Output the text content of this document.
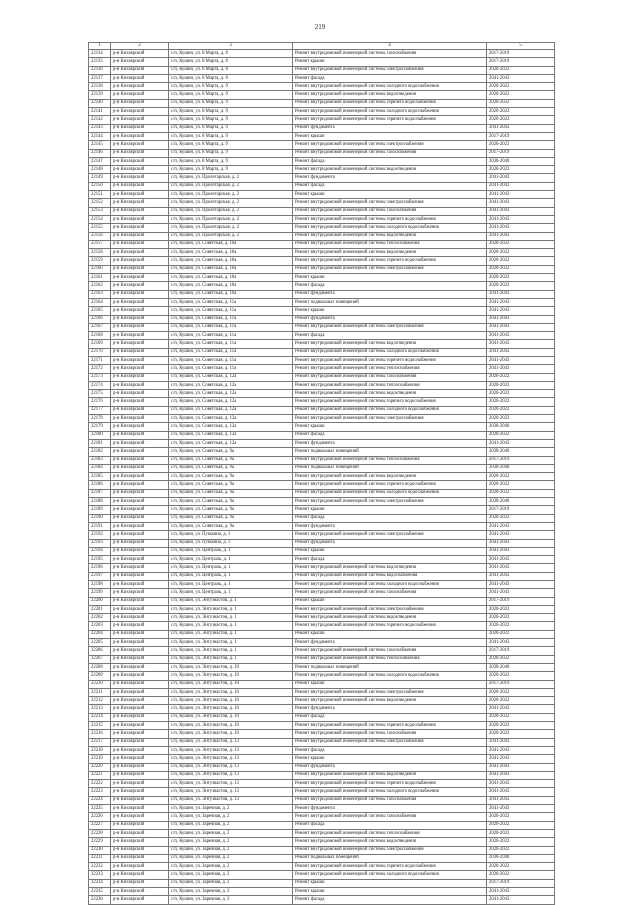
219
1	2	3	4	5
22134	р-н Кизлярский	с/п, Кушин, ул. 8 Марта, д. 8	Ремонт внутридомовой инженерной системы газоснабжения	2017-2019
22135	р-н Кизлярский	с/п, Кушин, ул. 8 Марта, д. 8	Ремонт крыши	2017-2019
22136	р-н Кизлярский	с/п, Кушин, ул. 8 Марта, д. 8	Ремонт внутридомовой инженерной системы электроснабжения	2020-2022
22137	р-н Кизлярский	с/п, Кушин, ул. 8 Марта, д. 8	Ремонт фасада	2041-2043
22138	р-н Кизлярский	с/п, Кушин, ул. 8 Марта, д. 9	Ремонт внутридомовой инженерной системы холодного водоснабжения	2020-2022
22139	р-н Кизлярский	с/п, Кушин, ул. 8 Марта, д. 9	Ремонт внутридомовой инженерной системы водоотведения	2020-2022
22140	р-н Кизлярский	с/п, Кушин, ул. 8 Марта, д. 9	Ремонт внутридомовой инженерной системы горячего водоснабжения	2020-2022
22141	р-н Кизлярский	с/п, Кушин, ул. 8 Марта, д. 9	Ремонт внутридомовой инженерной системы холодного водоснабжения	2020-2022
22142	р-н Кизлярский	с/п, Кушин, ул. 8 Марта, д. 9	Ремонт внутридомовой инженерной системы горячего водоснабжения	2020-2022
22143	р-н Кизлярский	с/п, Кушин, ул. 8 Марта, д. 9	Ремонт фундамента	2041-2043
22144	р-н Кизлярский	с/п, Кушин, ул. 8 Марта, д. 9	Ремонт крыши	2017-2019
22145	р-н Кизлярский	с/п, Кушин, ул. 8 Марта, д. 9	Ремонт внутридомовой инженерной системы электроснабжения	2020-2022
22146	р-н Кизлярский	с/п, Кушин, ул. 8 Марта, д. 9	Ремонт внутридомовой инженерной системы газоснабжения	2017-2019
22147	р-н Кизлярский	с/п, Кушин, ул. 8 Марта, д. 9	Ремонт фасада	2038-2040
22148	р-н Кизлярский	с/п, Кушин, ул. 8 Марта, д. 9	Ремонт внутридомовой инженерной системы водоотведения	2020-2022
22149	р-н Кизлярский	с/п, Кушин, ул. Пролетарская, д. 2	Ремонт фундамента	2041-2043
22150	р-н Кизлярский	с/п, Кушин, ул. Пролетарская, д. 2	Ремонт фасада	2041-2043
22151	р-н Кизлярский	с/п, Кушин, ул. Пролетарская, д. 2	Ремонт крыши	2041-2043
22152	р-н Кизлярский	с/п, Кушин, ул. Пролетарская, д. 2	Ремонт внутридомовой инженерной системы электроснабжения	2041-2043
22153	р-н Кизлярский	с/п, Кушин, ул. Пролетарская, д. 2	Ремонт внутридомовой инженерной системы газоснабжения	2041-2043
22154	р-н Кизлярский	с/п, Кушин, ул. Пролетарская, д. 2	Ремонт внутридомовой инженерной системы горячего водоснабжения	2041-2043
22155	р-н Кизлярский	с/п, Кушин, ул. Пролетарская, д. 2	Ремонт внутридомовой инженерной системы холодного водоснабжения	2041-2043
22156	р-н Кизлярский	с/п, Кушин, ул. Пролетарская, д. 2	Ремонт внутридомовой инженерной системы водоотведения	2041-2043
22157	р-н Кизлярский	с/п, Кушин, ул. Советская, д. 10а	Ремонт внутридомовой инженерной системы теплоснабжения	2020-2022
22158	р-н Кизлярский	с/п, Кушин, ул. Советская, д. 10а	Ремонт внутридомовой инженерной системы водоотведения	2020-2022
22159	р-н Кизлярский	с/п, Кушин, ул. Советская, д. 10а	Ремонт внутридомовой инженерной системы горячего водоснабжения	2020-2022
22160	р-н Кизлярский	с/п, Кушин, ул. Советская, д. 10а	Ремонт внутридомовой инженерной системы электроснабжения	2020-2022
22161	р-н Кизлярский	с/п, Кушин, ул. Советская, д. 10а	Ремонт крыши	2020-2022
22162	р-н Кизлярский	с/п, Кушин, ул. Советская, д. 10а	Ремонт фасада	2020-2022
22163	р-н Кизлярский	с/п, Кушин, ул. Советская, д. 10а	Ремонт фундамента	2041-2043
22164	р-н Кизлярский	с/п, Кушин, ул. Советская, д. 11а	Ремонт подвальных помещений	2041-2043
22165	р-н Кизлярский	с/п, Кушин, ул. Советская, д. 11а	Ремонт крыши	2041-2043
22166	р-н Кизлярский	с/п, Кушин, ул. Советская, д. 11а	Ремонт фундамента	2041-2043
22167	р-н Кизлярский	с/п, Кушин, ул. Советская, д. 11а	Ремонт внутридомовой инженерной системы электроснабжения	2041-2043
22168	р-н Кизлярский	с/п, Кушин, ул. Советская, д. 11а	Ремонт фасада	2041-2043
22169	р-н Кизлярский	с/п, Кушин, ул. Советская, д. 11а	Ремонт внутридомовой инженерной системы водоотведения	2041-2043
22170	р-н Кизлярский	с/п, Кушин, ул. Советская, д. 11а	Ремонт внутридомовой инженерной системы холодного водоснабжения	2041-2043
22171	р-н Кизлярский	с/п, Кушин, ул. Советская, д. 11а	Ремонт внутридомовой инженерной системы горячего водоснабжения	2041-2043
22172	р-н Кизлярский	с/п, Кушин, ул. Советская, д. 11а	Ремонт внутридомовой инженерной системы теплоснабжения	2041-2043
22173	р-н Кизлярский	с/п, Кушин, ул. Советская, д. 12а	Ремонт внутридомовой инженерной системы газоснабжения	2020-2022
22174	р-н Кизлярский	с/п, Кушин, ул. Советская, д. 12а	Ремонт внутридомовой инженерной системы теплоснабжения	2020-2022
22175	р-н Кизлярский	с/п, Кушин, ул. Советская, д. 12а	Ремонт внутридомовой инженерной системы водоотведения	2020-2022
22176	р-н Кизлярский	с/п, Кушин, ул. Советская, д. 12а	Ремонт внутридомовой инженерной системы горячего водоснабжения	2020-2022
22177	р-н Кизлярский	с/п, Кушин, ул. Советская, д. 12а	Ремонт внутридомовой инженерной системы холодного водоснабжения	2020-2022
22178	р-н Кизлярский	с/п, Кушин, ул. Советская, д. 12а	Ремонт внутридомовой инженерной системы электроснабжения	2020-2022
22179	р-н Кизлярский	с/п, Кушин, ул. Советская, д. 12а	Ремонт крыши	2038-2040
22180	р-н Кизлярский	с/п, Кушин, ул. Советская, д. 12а	Ремонт фасада	2020-2022
22181	р-н Кизлярский	с/п, Кушин, ул. Советская, д. 12а	Ремонт фундамента	2041-2043
22182	р-н Кизлярский	с/п, Кушин, ул. Советская, д. 9а	Ремонт подвальных помещений	2038-2040
22183	р-н Кизлярский	с/п, Кушин, ул. Советская, д. 9а	Ремонт внутридомовой инженерной системы теплоснабжения	2017-2019
22184	р-н Кизлярский	с/п, Кушин, ул. Советская, д. 9а	Ремонт подвальных помещений	2038-2040
22185	р-н Кизлярский	с/п, Кушин, ул. Советская, д. 9а	Ремонт внутридомовой инженерной системы водоотведения	2020-2022
22186	р-н Кизлярский	с/п, Кушин, ул. Советская, д. 9а	Ремонт внутридомовой инженерной системы горячего водоснабжения	2020-2022
22187	р-н Кизлярский	с/п, Кушин, ул. Советская, д. 9а	Ремонт внутридомовой инженерной системы холодного водоснабжения	2020-2022
22188	р-н Кизлярский	с/п, Кушин, ул. Советская, д. 9а	Ремонт внутридомовой инженерной системы электроснабжения	2038-2040
22189	р-н Кизлярский	с/п, Кушин, ул. Советская, д. 9а	Ремонт крыши	2017-2019
22190	р-н Кизлярский	с/п, Кушин, ул. Советская, д. 9а	Ремонт фасада	2020-2022
22191	р-н Кизлярский	с/п, Кушин, ул. Советская, д. 9а	Ремонт фундамента	2041-2043
22192	р-н Кизлярский	с/п, Кушин, ул. Пушкина, д. 1	Ремонт внутридомовой инженерной системы электроснабжения	2041-2043
22193	р-н Кизлярский	с/п, Кушин, ул. Пушкина, д. 1	Ремонт фундамента	2041-2043
22194	р-н Кизлярский	с/п, Кушин, ул. Централь, д. 1	Ремонт крыши	2041-2043
22195	р-н Кизлярский	с/п, Кушин, ул. Централь, д. 1	Ремонт фасада	2041-2043
22196	р-н Кизлярский	с/п, Кушин, ул. Централь, д. 1	Ремонт внутридомовой инженерной системы водоотведения	2041-2043
22197	р-н Кизлярский	с/п, Кушин, ул. Централь, д. 1	Ремонт внутридомовой инженерной системы водоснабжения	2041-2043
22198	р-н Кизлярский	с/п, Кушин, ул. Централь, д. 1	Ремонт внутридомовой инженерной системы холодного водоснабжения	2041-2043
22199	р-н Кизлярский	с/п, Кушин, ул. Централь, д. 1	Ремонт внутридомовой инженерной системы газоснабжения	2041-2043
22200	р-н Кизлярский	с/п, Кушин, ул. Энтузиастов, д. 1	Ремонт крыши	2017-2019
22201	р-н Кизлярский	с/п, Кушин, ул. Энтузиастов, д. 1	Ремонт внутридомовой инженерной системы электроснабжения	2020-2022
22202	р-н Кизлярский	с/п, Кушин, ул. Энтузиастов, д. 1	Ремонт внутридомовой инженерной системы водоотведения	2020-2022
22203	р-н Кизлярский	с/п, Кушин, ул. Энтузиастов, д. 1	Ремонт внутридомовой инженерной системы горячего водоснабжения	2020-2022
22204	р-н Кизлярский	с/п, Кушин, ул. Энтузиастов, д. 1	Ремонт крыши	2020-2022
22205	р-н Кизлярский	с/п, Кушин, ул. Энтузиастов, д. 1	Ремонт фундамента	2041-2043
22206	р-н Кизлярский	с/п, Кушин, ул. Энтузиастов, д. 1	Ремонт внутридомовой инженерной системы газоснабжения	2017-2019
22207	р-н Кизлярский	с/п, Кушин, ул. Энтузиастов, д. 1	Ремонт внутридомовой инженерной системы теплоснабжения	2020-2022
22208	р-н Кизлярский	с/п, Кушин, ул. Энтузиастов, д. 10	Ремонт подвальных помещений	2038-2040
22209	р-н Кизлярский	с/п, Кушин, ул. Энтузиастов, д. 10	Ремонт внутридомовой инженерной системы холодного водоснабжения	2020-2022
22210	р-н Кизлярский	с/п, Кушин, ул. Энтузиастов, д. 10	Ремонт крыши	2017-2019
22211	р-н Кизлярский	с/п, Кушин, ул. Энтузиастов, д. 10	Ремонт внутридомовой инженерной системы электроснабжения	2020-2022
22212	р-н Кизлярский	с/п, Кушин, ул. Энтузиастов, д. 10	Ремонт внутридомовой инженерной системы водоотведения	2020-2022
22213	р-н Кизлярский	с/п, Кушин, ул. Энтузиастов, д. 10	Ремонт фундамента	2041-2043
22214	р-н Кизлярский	с/п, Кушин, ул. Энтузиастов, д. 10	Ремонт фасада	2020-2022
22215	р-н Кизлярский	с/п, Кушин, ул. Энтузиастов, д. 10	Ремонт внутридомовой инженерной системы горячего водоснабжения	2020-2022
22216	р-н Кизлярский	с/п, Кушин, ул. Энтузиастов, д. 10	Ремонт внутридомовой инженерной системы газоснабжения	2020-2022
22217	р-н Кизлярский	с/п, Кушин, ул. Энтузиастов, д. 13	Ремонт внутридомовой инженерной системы электроснабжения	2041-2043
22218	р-н Кизлярский	с/п, Кушин, ул. Энтузиастов, д. 13	Ремонт фасада	2041-2043
22219	р-н Кизлярский	с/п, Кушин, ул. Энтузиастов, д. 13	Ремонт крыши	2041-2043
22220	р-н Кизлярский	с/п, Кушин, ул. Энтузиастов, д. 13	Ремонт фундамента	2041-2043
22221	р-н Кизлярский	с/п, Кушин, ул. Энтузиастов, д. 13	Ремонт внутридомовой инженерной системы водоотведения	2041-2043
22222	р-н Кизлярский	с/п, Кушин, ул. Энтузиастов, д. 13	Ремонт внутридомовой инженерной системы горячего водоснабжения	2041-2043
22223	р-н Кизлярский	с/п, Кушин, ул. Энтузиастов, д. 13	Ремонт внутридомовой инженерной системы холодного водоснабжения	2041-2043
22224	р-н Кизлярский	с/п, Кушин, ул. Энтузиастов, д. 13	Ремонт внутридомовой инженерной системы газоснабжения	2041-2043
22225	р-н Кизлярский	с/п, Кушин, ул. Заречная, д. 2	Ремонт фундамента	2041-2043
22226	р-н Кизлярский	с/п, Кушин, ул. Заречная, д. 2	Ремонт внутридомовой инженерной системы газоснабжения	2020-2022
22227	р-н Кизлярский	с/п, Кушин, ул. Заречная, д. 2	Ремонт фасада	2020-2022
22228	р-н Кизлярский	с/п, Кушин, ул. Заречная, д. 2	Ремонт внутридомовой инженерной системы теплоснабжения	2020-2022
22229	р-н Кизлярский	с/п, Кушин, ул. Заречная, д. 2	Ремонт внутридомовой инженерной системы водоотведения	2020-2022
22230	р-н Кизлярский	с/п, Кушин, ул. Заречная, д. 2	Ремонт внутридомовой инженерной системы электроснабжения	2020-2022
22231	р-н Кизлярский	с/п, Кушин, ул. Заречная, д. 2	Ремонт подвальных помещений	2038-2040
22232	р-н Кизлярский	с/п, Кушин, ул. Заречная, д. 2	Ремонт внутридомовой инженерной системы горячего водоснабжения	2020-2022
22233	р-н Кизлярский	с/п, Кушин, ул. Заречная, д. 2	Ремонт внутридомовой инженерной системы холодного водоснабжения	2020-2022
22234	р-н Кизлярский	с/п, Кушин, ул. Заречная, д. 2	Ремонт крыши	2017-2019
22235	р-н Кизлярский	с/п, Кушин, ул. Заречная, д. 3	Ремонт крыши	2041-2043
22236	р-н Кизлярский	с/п, Кушин, ул. Заречная, д. 3	Ремонт фасада	2041-2043
